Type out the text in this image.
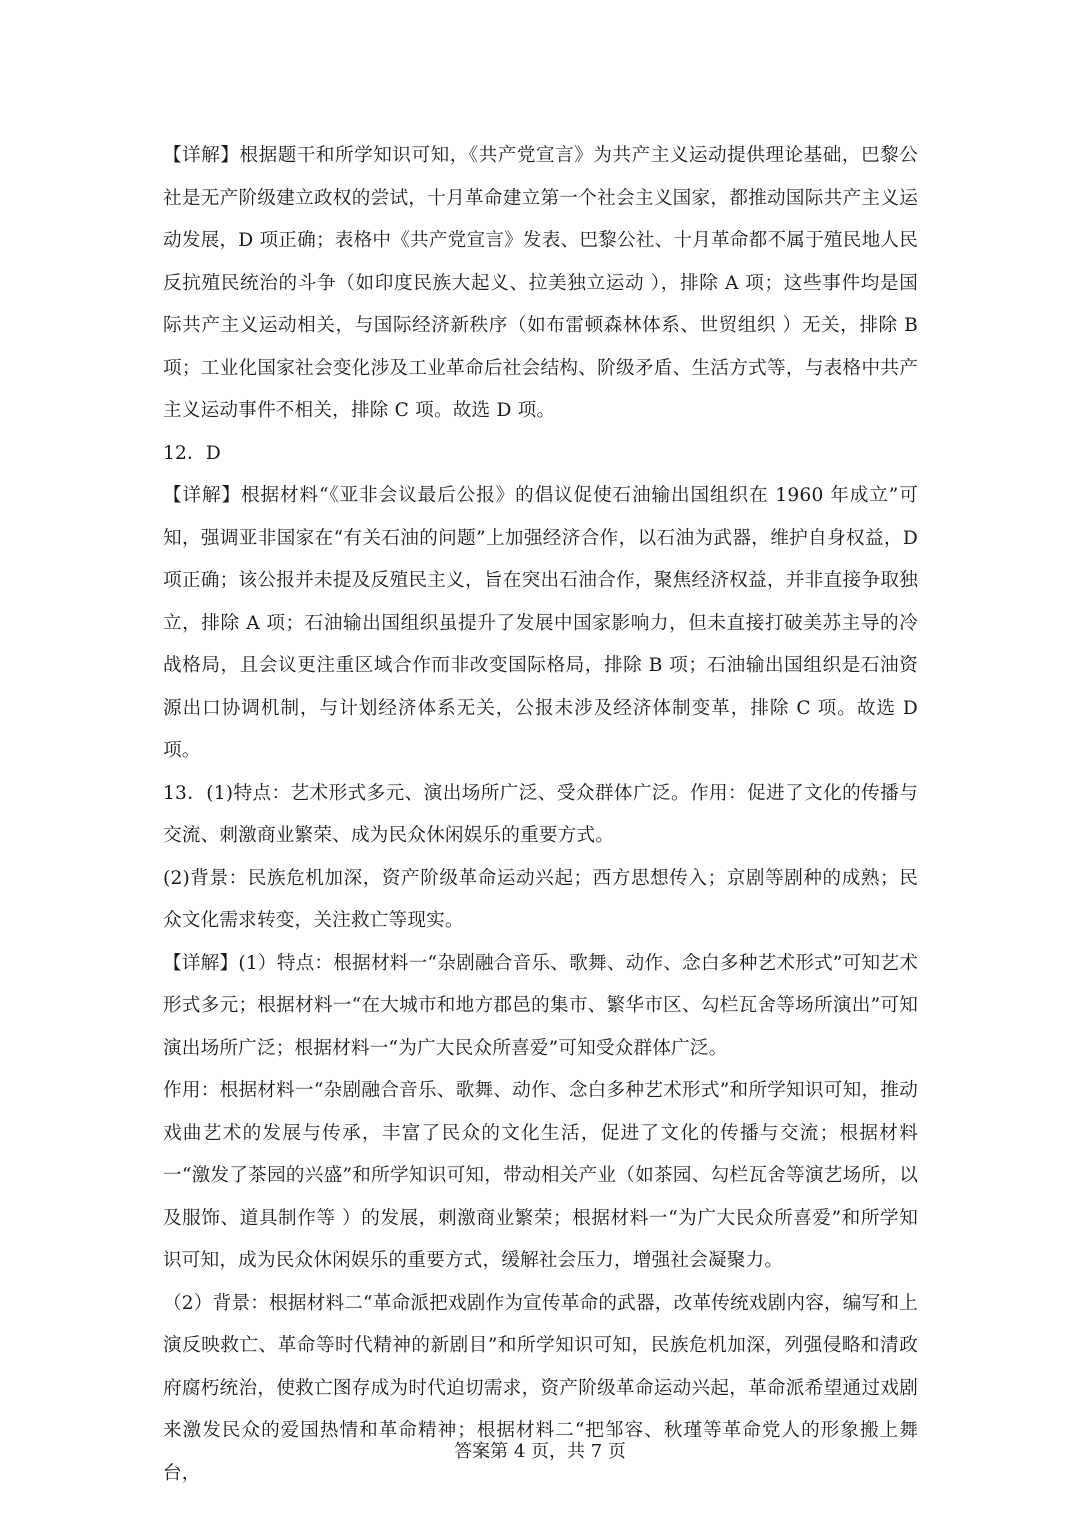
【详解】根据题干和所学知识可知，《共产党宣言》为共产主义运动提供理论基础，巴黎公社是无产阶级建立政权的尝试，十月革命建立第一个社会主义国家，都推动国际共产主义运动发展，D 项正确；表格中《共产党宣言》发表、巴黎公社、十月革命都不属于殖民地人民反抗殖民统治的斗争（如印度民族大起义、拉美独立运动 ），排除 A 项；这些事件均是国际共产主义运动相关，与国际经济新秩序（如布雷顿森林体系、世贸组织 ）无关，排除 B 项；工业化国家社会变化涉及工业革命后社会结构、阶级矛盾、生活方式等，与表格中共产主义运动事件不相关，排除 C 项。故选 D 项。

12．D

【详解】根据材料“《亚非会议最后公报》的倡议促使石油输出国组织在 1960 年成立”可知，强调亚非国家在“有关石油的问题”上加强经济合作，以石油为武器，维护自身权益，D 项正确；该公报并未提及反殖民主义，旨在突出石油合作，聚焦经济权益，并非直接争取独立，排除 A 项；石油输出国组织虽提升了发展中国家影响力，但未直接打破美苏主导的冷战格局，且会议更注重区域合作而非改变国际格局，排除 B 项；石油输出国组织是石油资源出口协调机制，与计划经济体系无关，公报未涉及经济体制变革，排除 C 项。故选 D 项。

13．(1)特点：艺术形式多元、演出场所广泛、受众群体广泛。作用：促进了文化的传播与交流、刺激商业繁荣、成为民众休闲娱乐的重要方式。

(2)背景：民族危机加深，资产阶级革命运动兴起；西方思想传入；京剧等剧种的成熟；民众文化需求转变，关注救亡等现实。

【详解】(1）特点：根据材料一“杂剧融合音乐、歌舞、动作、念白多种艺术形式”可知艺术形式多元；根据材料一“在大城市和地方郡邑的集市、繁华市区、勾栏瓦舍等场所演出”可知演出场所广泛；根据材料一“为广大民众所喜爱”可知受众群体广泛。

作用：根据材料一“杂剧融合音乐、歌舞、动作、念白多种艺术形式”和所学知识可知，推动戏曲艺术的发展与传承，丰富了民众的文化生活，促进了文化的传播与交流；根据材料一“激发了茶园的兴盛”和所学知识可知，带动相关产业（如茶园、勾栏瓦舍等演艺场所，以及服饰、道具制作等 ）的发展，刺激商业繁荣；根据材料一“为广大民众所喜爱”和所学知识可知，成为民众休闲娱乐的重要方式，缓解社会压力，增强社会凝聚力。

（2）背景：根据材料二“革命派把戏剧作为宣传革命的武器，改革传统戏剧内容，编写和上演反映救亡、革命等时代精神的新剧目”和所学知识可知，民族危机加深，列强侵略和清政府腐朽统治，使救亡图存成为时代迫切需求，资产阶级革命运动兴起，革命派希望通过戏剧来激发民众的爱国热情和革命精神；根据材料二“把邹容、秋瑾等革命党人的形象搬上舞台，

答案第 4 页，共 7 页
